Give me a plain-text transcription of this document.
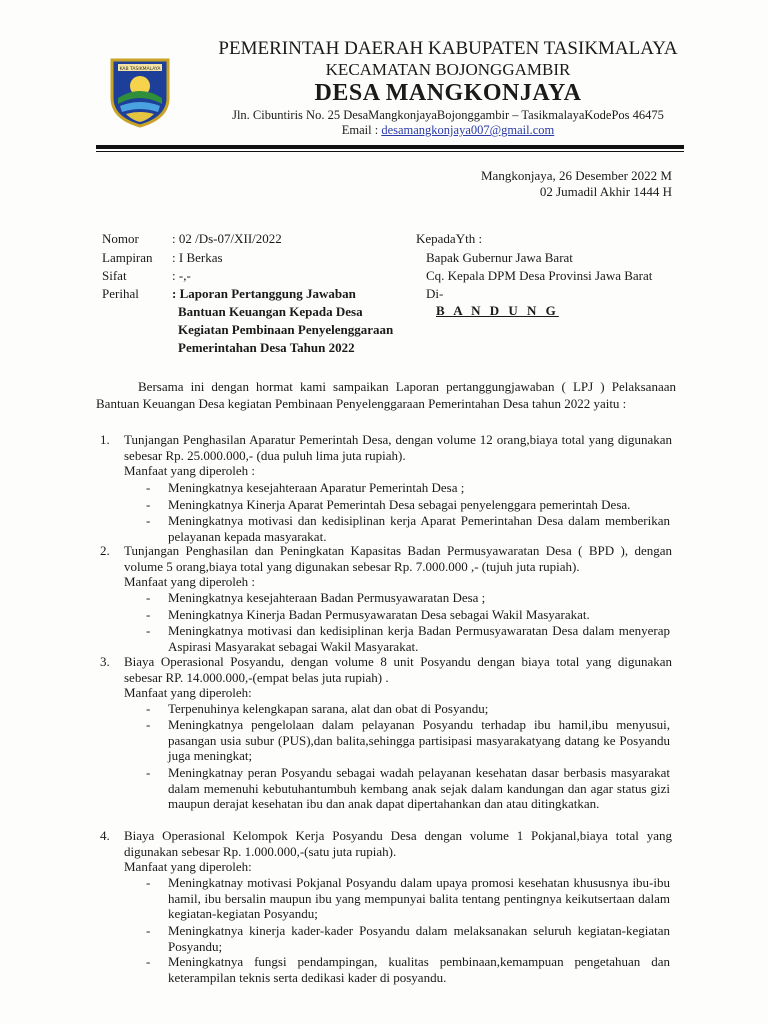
KAB TASIKMALAYA
PEMERINTAH DAERAH KABUPATEN TASIKMALAYA
KECAMATAN BOJONGGAMBIR
DESA MANGKONJAYA
Jln. Cibuntiris No. 25 DesaMangkonjayaBojonggambir – TasikmalayaKodePos 46475
Email : desamangkonjaya007@gmail.com
Mangkonjaya, 26 Desember 2022 M
02 Jumadil Akhir 1444 H
Nomor	: 02 /Ds-07/XII/2022
Lampiran : I Berkas
Sifat	: -,-
Perihal	: Laporan Pertanggung Jawaban
Bantuan Keuangan Kepada Desa
Kegiatan Pembinaan Penyelenggaraan
Pemerintahan Desa Tahun 2022
KepadaYth :
Bapak Gubernur Jawa Barat
Cq. Kepala DPM Desa Provinsi Jawa Barat
Di-
B A N D U N G
Bersama ini dengan hormat kami sampaikan Laporan pertanggungjawaban ( LPJ ) Pelaksanaan Bantuan Keuangan Desa kegiatan Pembinaan Penyelenggaraan Pemerintahan Desa tahun 2022 yaitu :
1.	Tunjangan Penghasilan Aparatur Pemerintah Desa, dengan volume 12 orang,biaya total yang digunakan sebesar Rp. 25.000.000,- (dua puluh lima juta rupiah).
Manfaat yang diperoleh :
- Meningkatnya kesejahteraan Aparatur Pemerintah Desa ;
- Meningkatnya Kinerja Aparat Pemerintah Desa sebagai penyelenggara pemerintah Desa.
- Meningkatnya motivasi dan kedisiplinan kerja Aparat Pemerintahan Desa dalam memberikan pelayanan kepada masyarakat.
2.	Tunjangan Penghasilan dan Peningkatan Kapasitas Badan Permusyawaratan Desa ( BPD ), dengan volume 5 orang,biaya total yang digunakan sebesar Rp. 7.000.000 ,- (tujuh juta rupiah).
Manfaat yang diperoleh :
- Meningkatnya kesejahteraan Badan Permusyawaratan Desa ;
- Meningkatnya Kinerja Badan Permusyawaratan Desa sebagai Wakil Masyarakat.
- Meningkatnya motivasi dan kedisiplinan kerja Badan Permusyawaratan Desa dalam menyerap Aspirasi Masyarakat sebagai Wakil Masyarakat.
3.	Biaya Operasional Posyandu, dengan volume 8 unit Posyandu dengan biaya total yang digunakan sebesar RP. 14.000.000,-(empat belas juta rupiah) .
Manfaat yang diperoleh:
- Terpenuhinya kelengkapan sarana, alat dan obat di Posyandu;
- Meningkatnya pengelolaan dalam pelayanan Posyandu terhadap ibu hamil,ibu menyusui, pasangan usia subur (PUS),dan balita,sehingga partisipasi masyarakatyang datang ke Posyandu juga meningkat;
- Meningkatnay peran Posyandu sebagai wadah pelayanan kesehatan dasar berbasis masyarakat dalam memenuhi kebutuhantumbuh kembang anak sejak dalam kandungan dan agar status gizi maupun derajat kesehatan ibu dan anak dapat dipertahankan dan atau ditingkatkan.
4.	Biaya Operasional Kelompok Kerja Posyandu Desa dengan volume 1 Pokjanal,biaya total yang digunakan sebesar Rp. 1.000.000,-(satu juta rupiah).
Manfaat yang diperoleh:
- Meningkatnay motivasi Pokjanal Posyandu dalam upaya promosi kesehatan khususnya ibu-ibu hamil, ibu bersalin maupun ibu yang mempunyai balita tentang pentingnya keikutsertaan dalam kegiatan-kegiatan Posyandu;
- Meningkatnya kinerja kader-kader Posyandu dalam melaksanakan seluruh kegiatan-kegiatan Posyandu;
- Meningkatnya fungsi pendampingan, kualitas pembinaan,kemampuan pengetahuan dan keterampilan teknis serta dedikasi kader di posyandu.
